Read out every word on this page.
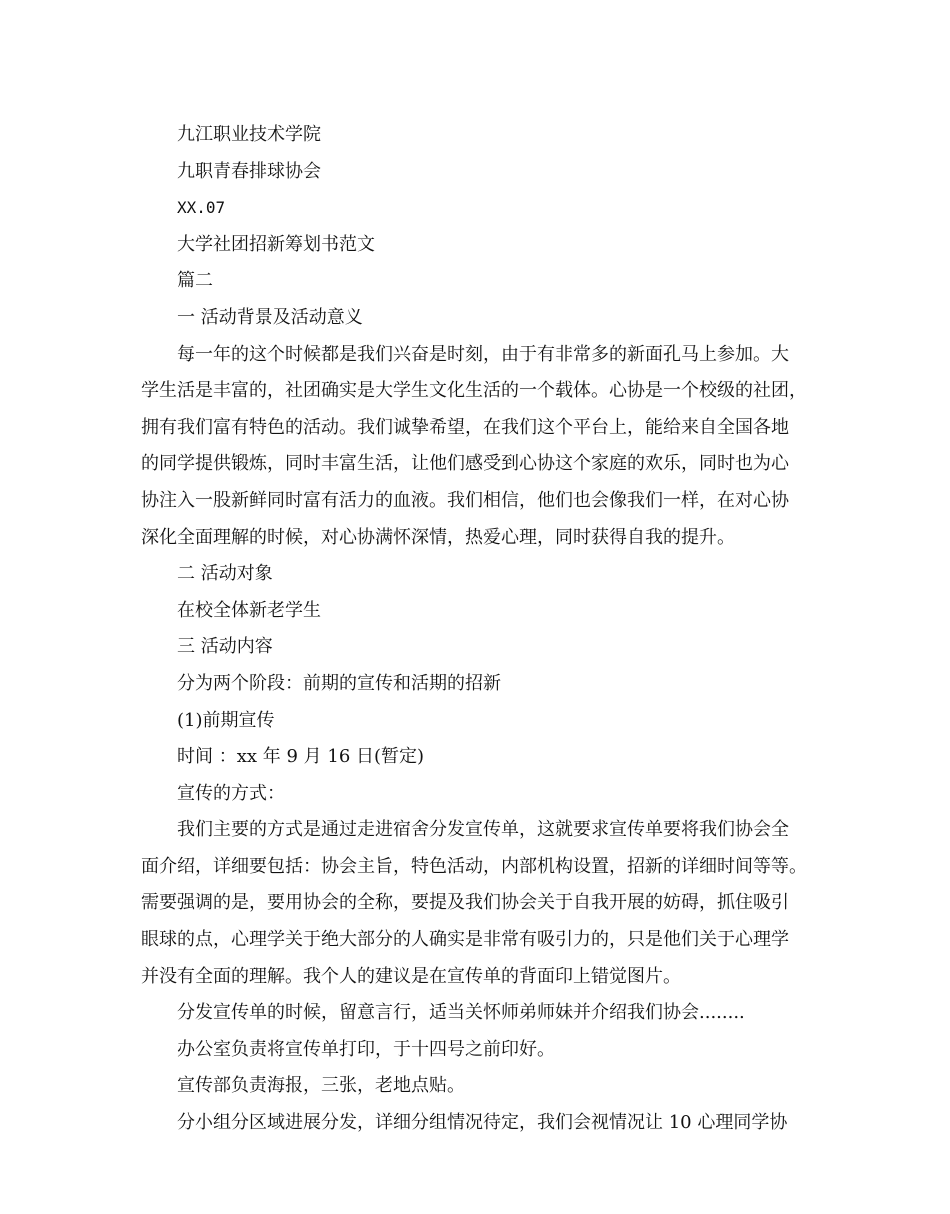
九江职业技术学院
九职青春排球协会
XX.07
大学社团招新筹划书范文
篇二
一 活动背景及活动意义
每一年的这个时候都是我们兴奋是时刻，由于有非常多的新面孔马上参加。大
学生活是丰富的，社团确实是大学生文化生活的一个载体。心协是一个校级的社团，
拥有我们富有特色的活动。我们诚挚希望，在我们这个平台上，能给来自全国各地
的同学提供锻炼，同时丰富生活，让他们感受到心协这个家庭的欢乐，同时也为心
协注入一股新鲜同时富有活力的血液。我们相信，他们也会像我们一样，在对心协
深化全面理解的时候，对心协满怀深情，热爱心理，同时获得自我的提升。
二 活动对象
在校全体新老学生
三 活动内容
分为两个阶段：前期的宣传和活期的招新
(1)前期宣传
时间 ：xx 年 9 月 16 日(暂定)
宣传的方式：
我们主要的方式是通过走进宿舍分发宣传单，这就要求宣传单要将我们协会全
面介绍，详细要包括：协会主旨，特色活动，内部机构设置，招新的详细时间等等。
需要强调的是，要用协会的全称，要提及我们协会关于自我开展的妨碍，抓住吸引
眼球的点，心理学关于绝大部分的人确实是非常有吸引力的，只是他们关于心理学
并没有全面的理解。我个人的建议是在宣传单的背面印上错觉图片。
分发宣传单的时候，留意言行，适当关怀师弟师妹并介绍我们协会........
办公室负责将宣传单打印，于十四号之前印好。
宣传部负责海报，三张，老地点贴。
分小组分区域进展分发，详细分组情况待定，我们会视情况让 10 心理同学协
